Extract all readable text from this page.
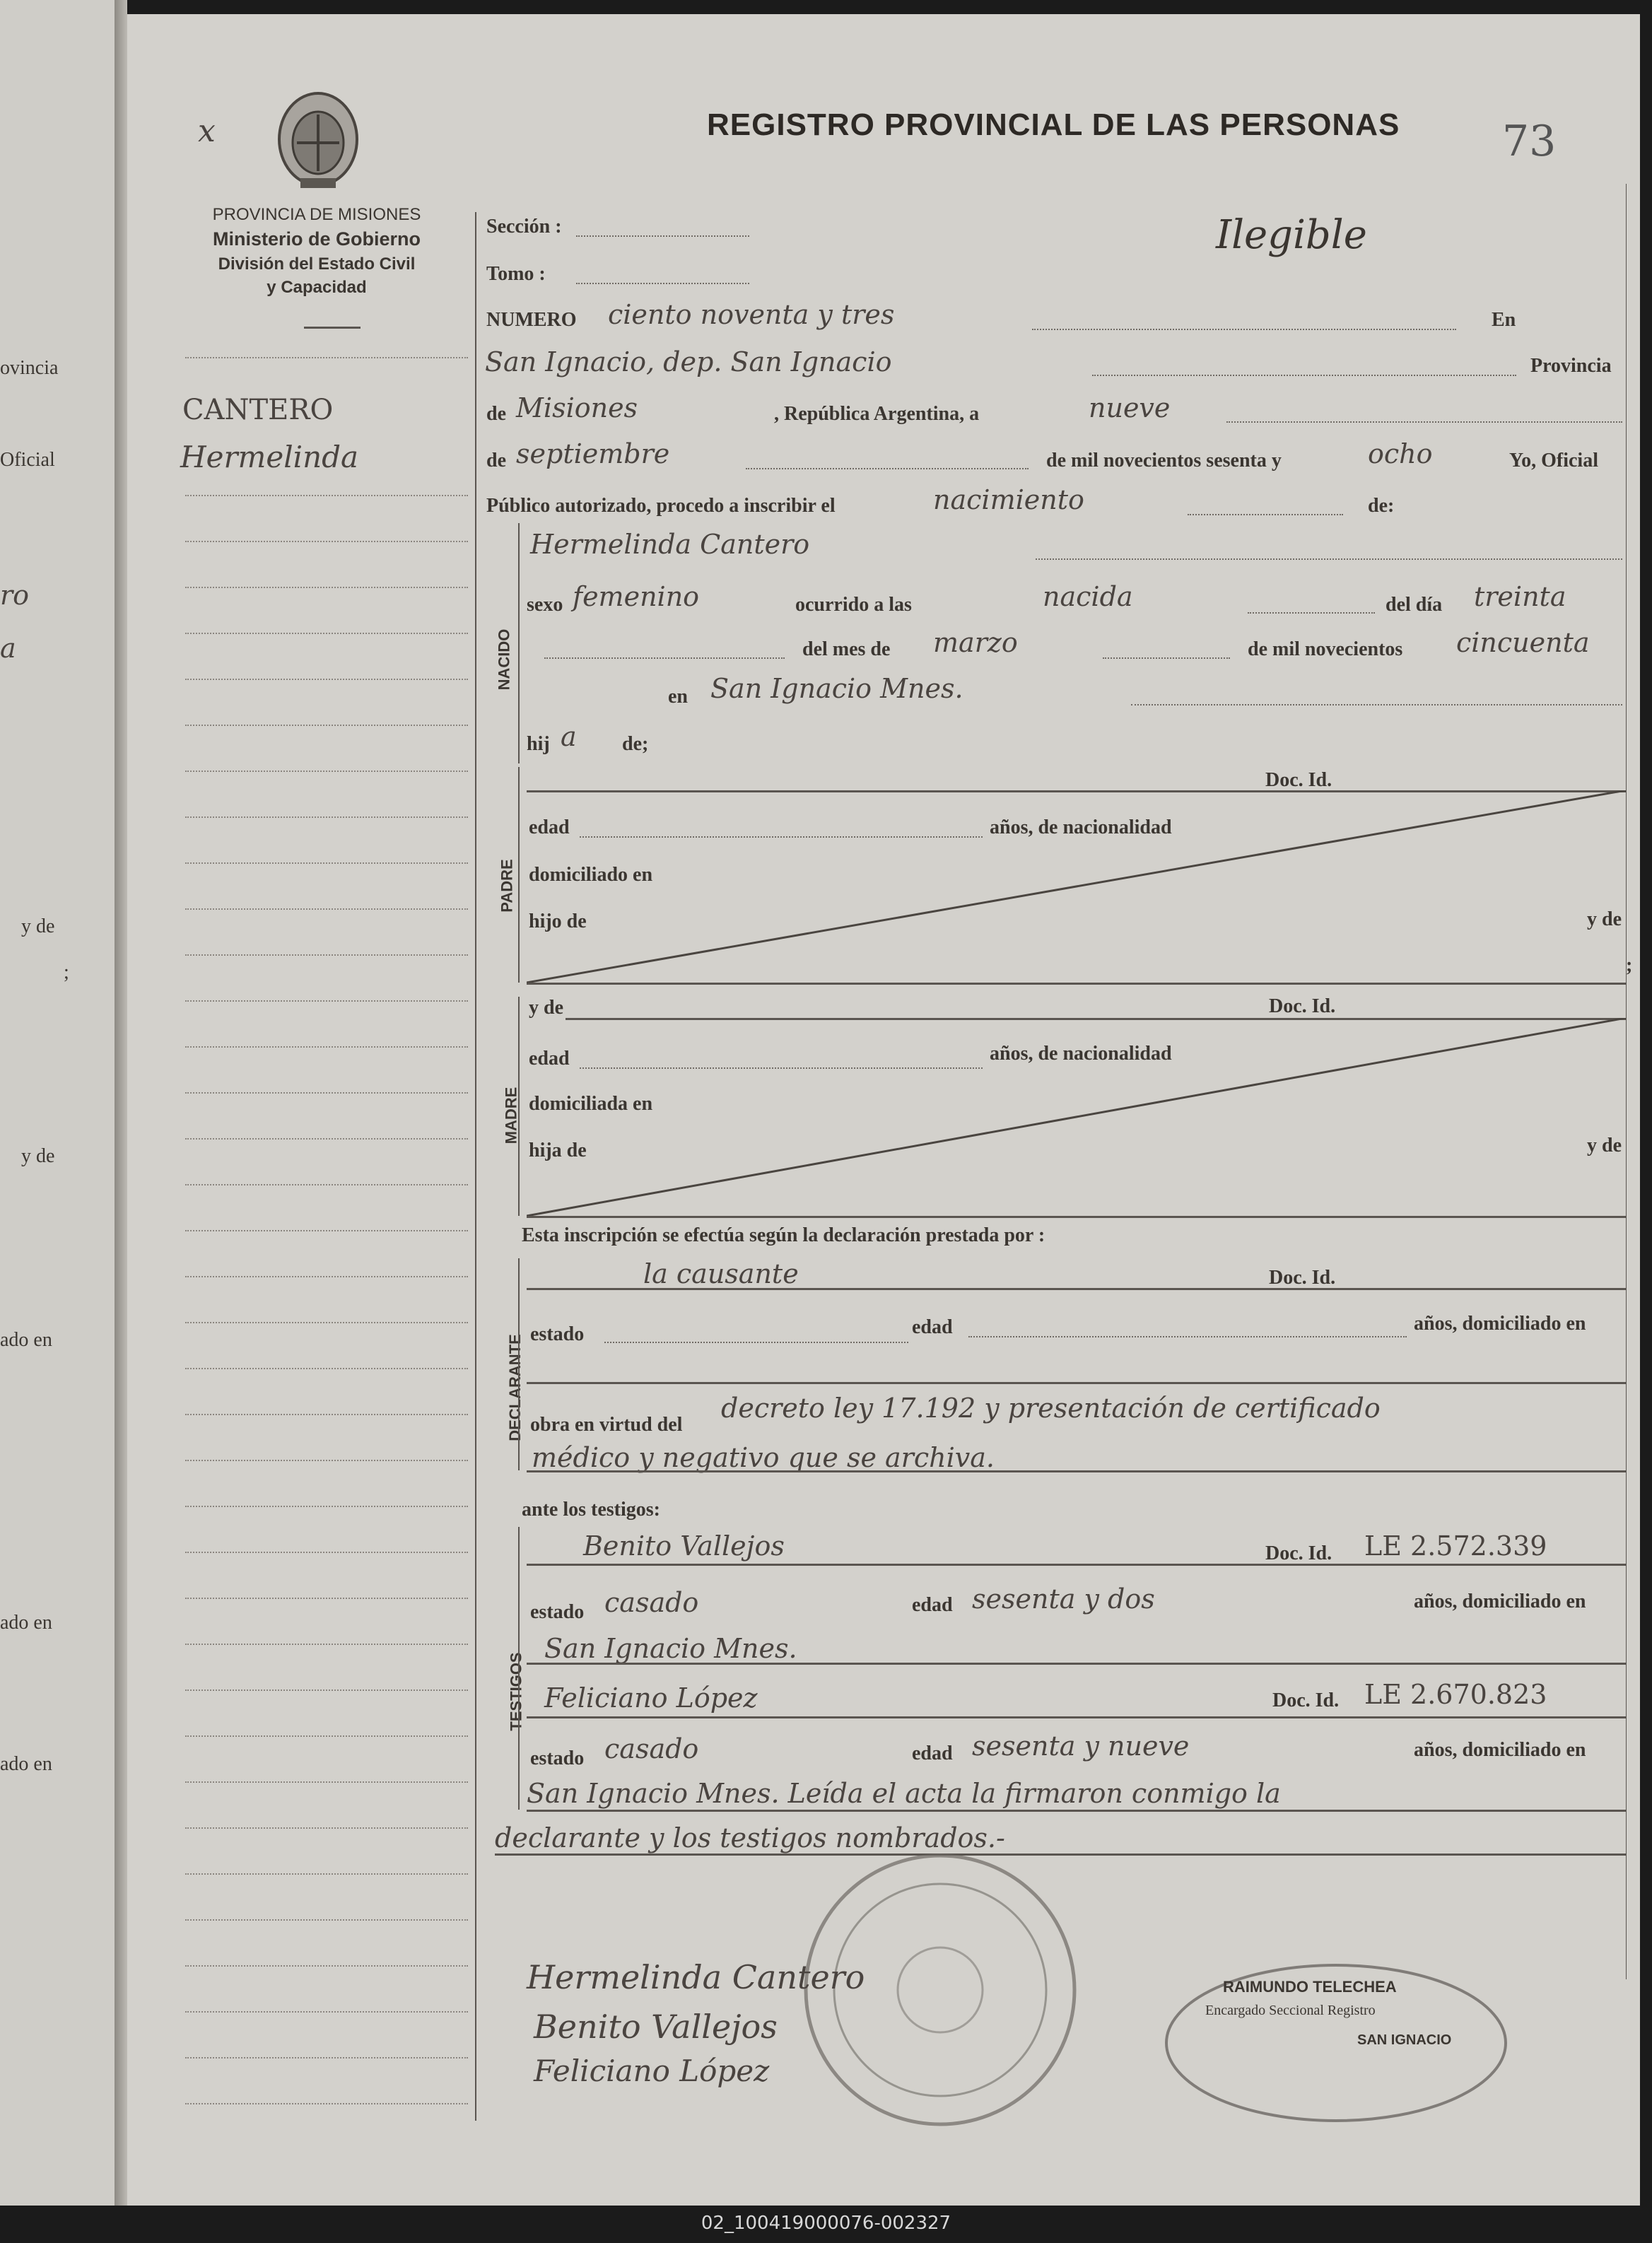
ovincia
Oficial
ro
a
y de
;
y de
ado en
ado en
ado en
x
PROVINCIA DE MISIONES
Ministerio de Gobierno
División del Estado Civil
y Capacidad
REGISTRO PROVINCIAL DE LAS PERSONAS 73
Ilegible
CANTERO
Hermelinda
Sección :
Tomo :
NUMERO ciento noventa y tres	En
San Ignacio, dep. San Ignacio	Provincia
de Misiones	, República Argentina, a	nueve
de septiembre	de mil novecientos sesenta y	ocho	Yo, Oficial
Público autorizado, procedo a inscribir el	nacimiento	de:
NACIDO
Hermelinda Cantero
sexo femenino	ocurrido a las	nacida	del día treinta
del mes de marzo	de mil novecientos cincuenta
en San Ignacio Mnes.
hij a de;
PADRE
Doc. Id.
edad	años, de nacionalidad
domiciliado en
hijo de	y de
;
MADRE
y de	Doc. Id.
edad	años, de nacionalidad
domiciliada en
hija de	y de
Esta inscripción se efectúa según la declaración prestada por :
DECLARANTE
la causante	Doc. Id.
estado	edad	años, domiciliado en
obra en virtud del
decreto ley 17.192 y presentación de certificado
médico y negativo que se archiva.
ante los testigos:
TESTIGOS
Benito Vallejos	Doc. Id. LE 2.572.339
estado casado	edad sesenta y dos	años, domiciliado en
San Ignacio Mnes.
Feliciano López	Doc. Id. LE 2.670.823
estado casado	edad sesenta y nueve	años, domiciliado en
San Ignacio Mnes. Leída el acta la firmaron conmigo la
declarante y los testigos nombrados.-
RAIMUNDO TELECHEA
Encargado Seccional Registro
SAN IGNACIO
Hermelinda Cantero
Benito Vallejos
Feliciano López
02_100419000076-002327
